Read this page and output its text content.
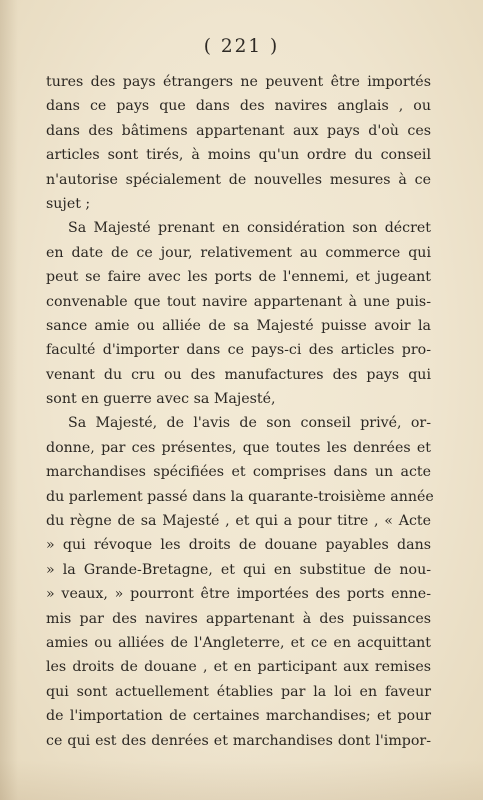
( 221 )
tures des pays étrangers ne peuvent être importés
dans ce pays que dans des navires anglais , ou
dans des bâtimens appartenant aux pays d'où ces
articles sont tirés, à moins qu'un ordre du conseil
n'autorise spécialement de nouvelles mesures à ce
sujet ;
Sa Majesté prenant en considération son décret
en date de ce jour, relativement au commerce qui
peut se faire avec les ports de l'ennemi, et jugeant
convenable que tout navire appartenant à une puis-
sance amie ou alliée de sa Majesté puisse avoir la
faculté d'importer dans ce pays-ci des articles pro-
venant du cru ou des manufactures des pays qui
sont en guerre avec sa Majesté,
Sa Majesté, de l'avis de son conseil privé, or-
donne, par ces présentes, que toutes les denrées et
marchandises spécifiées et comprises dans un acte
du parlement passé dans la quarante-troisième année
du règne de sa Majesté , et qui a pour titre , « Acte
» qui révoque les droits de douane payables dans
» la Grande-Bretagne, et qui en substitue de nou-
» veaux, » pourront être importées des ports enne-
mis par des navires appartenant à des puissances
amies ou alliées de l'Angleterre, et ce en acquittant
les droits de douane , et en participant aux remises
qui sont actuellement établies par la loi en faveur
de l'importation de certaines marchandises; et pour
ce qui est des denrées et marchandises dont l'impor-
